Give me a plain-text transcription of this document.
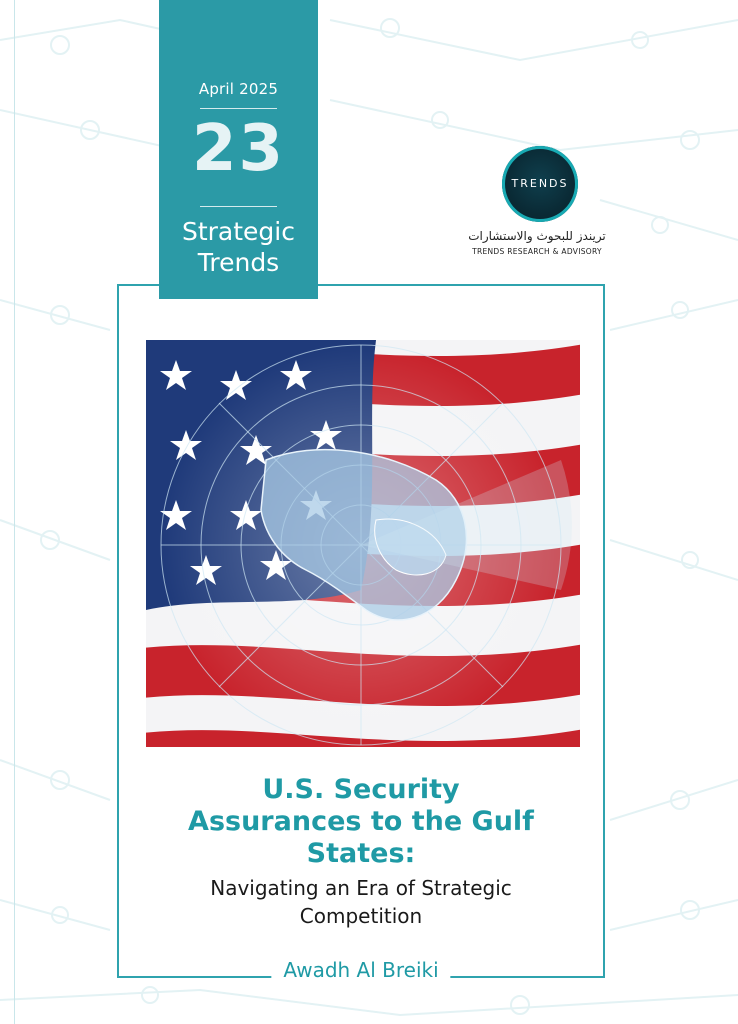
April 2025
23
Strategic
Trends
TRENDS
تريندز للبحوث والاستشارات
TRENDS RESEARCH & ADVISORY
U.S. Security
Assurances to the Gulf
States:
Navigating an Era of Strategic
Competition
Awadh Al Breiki
